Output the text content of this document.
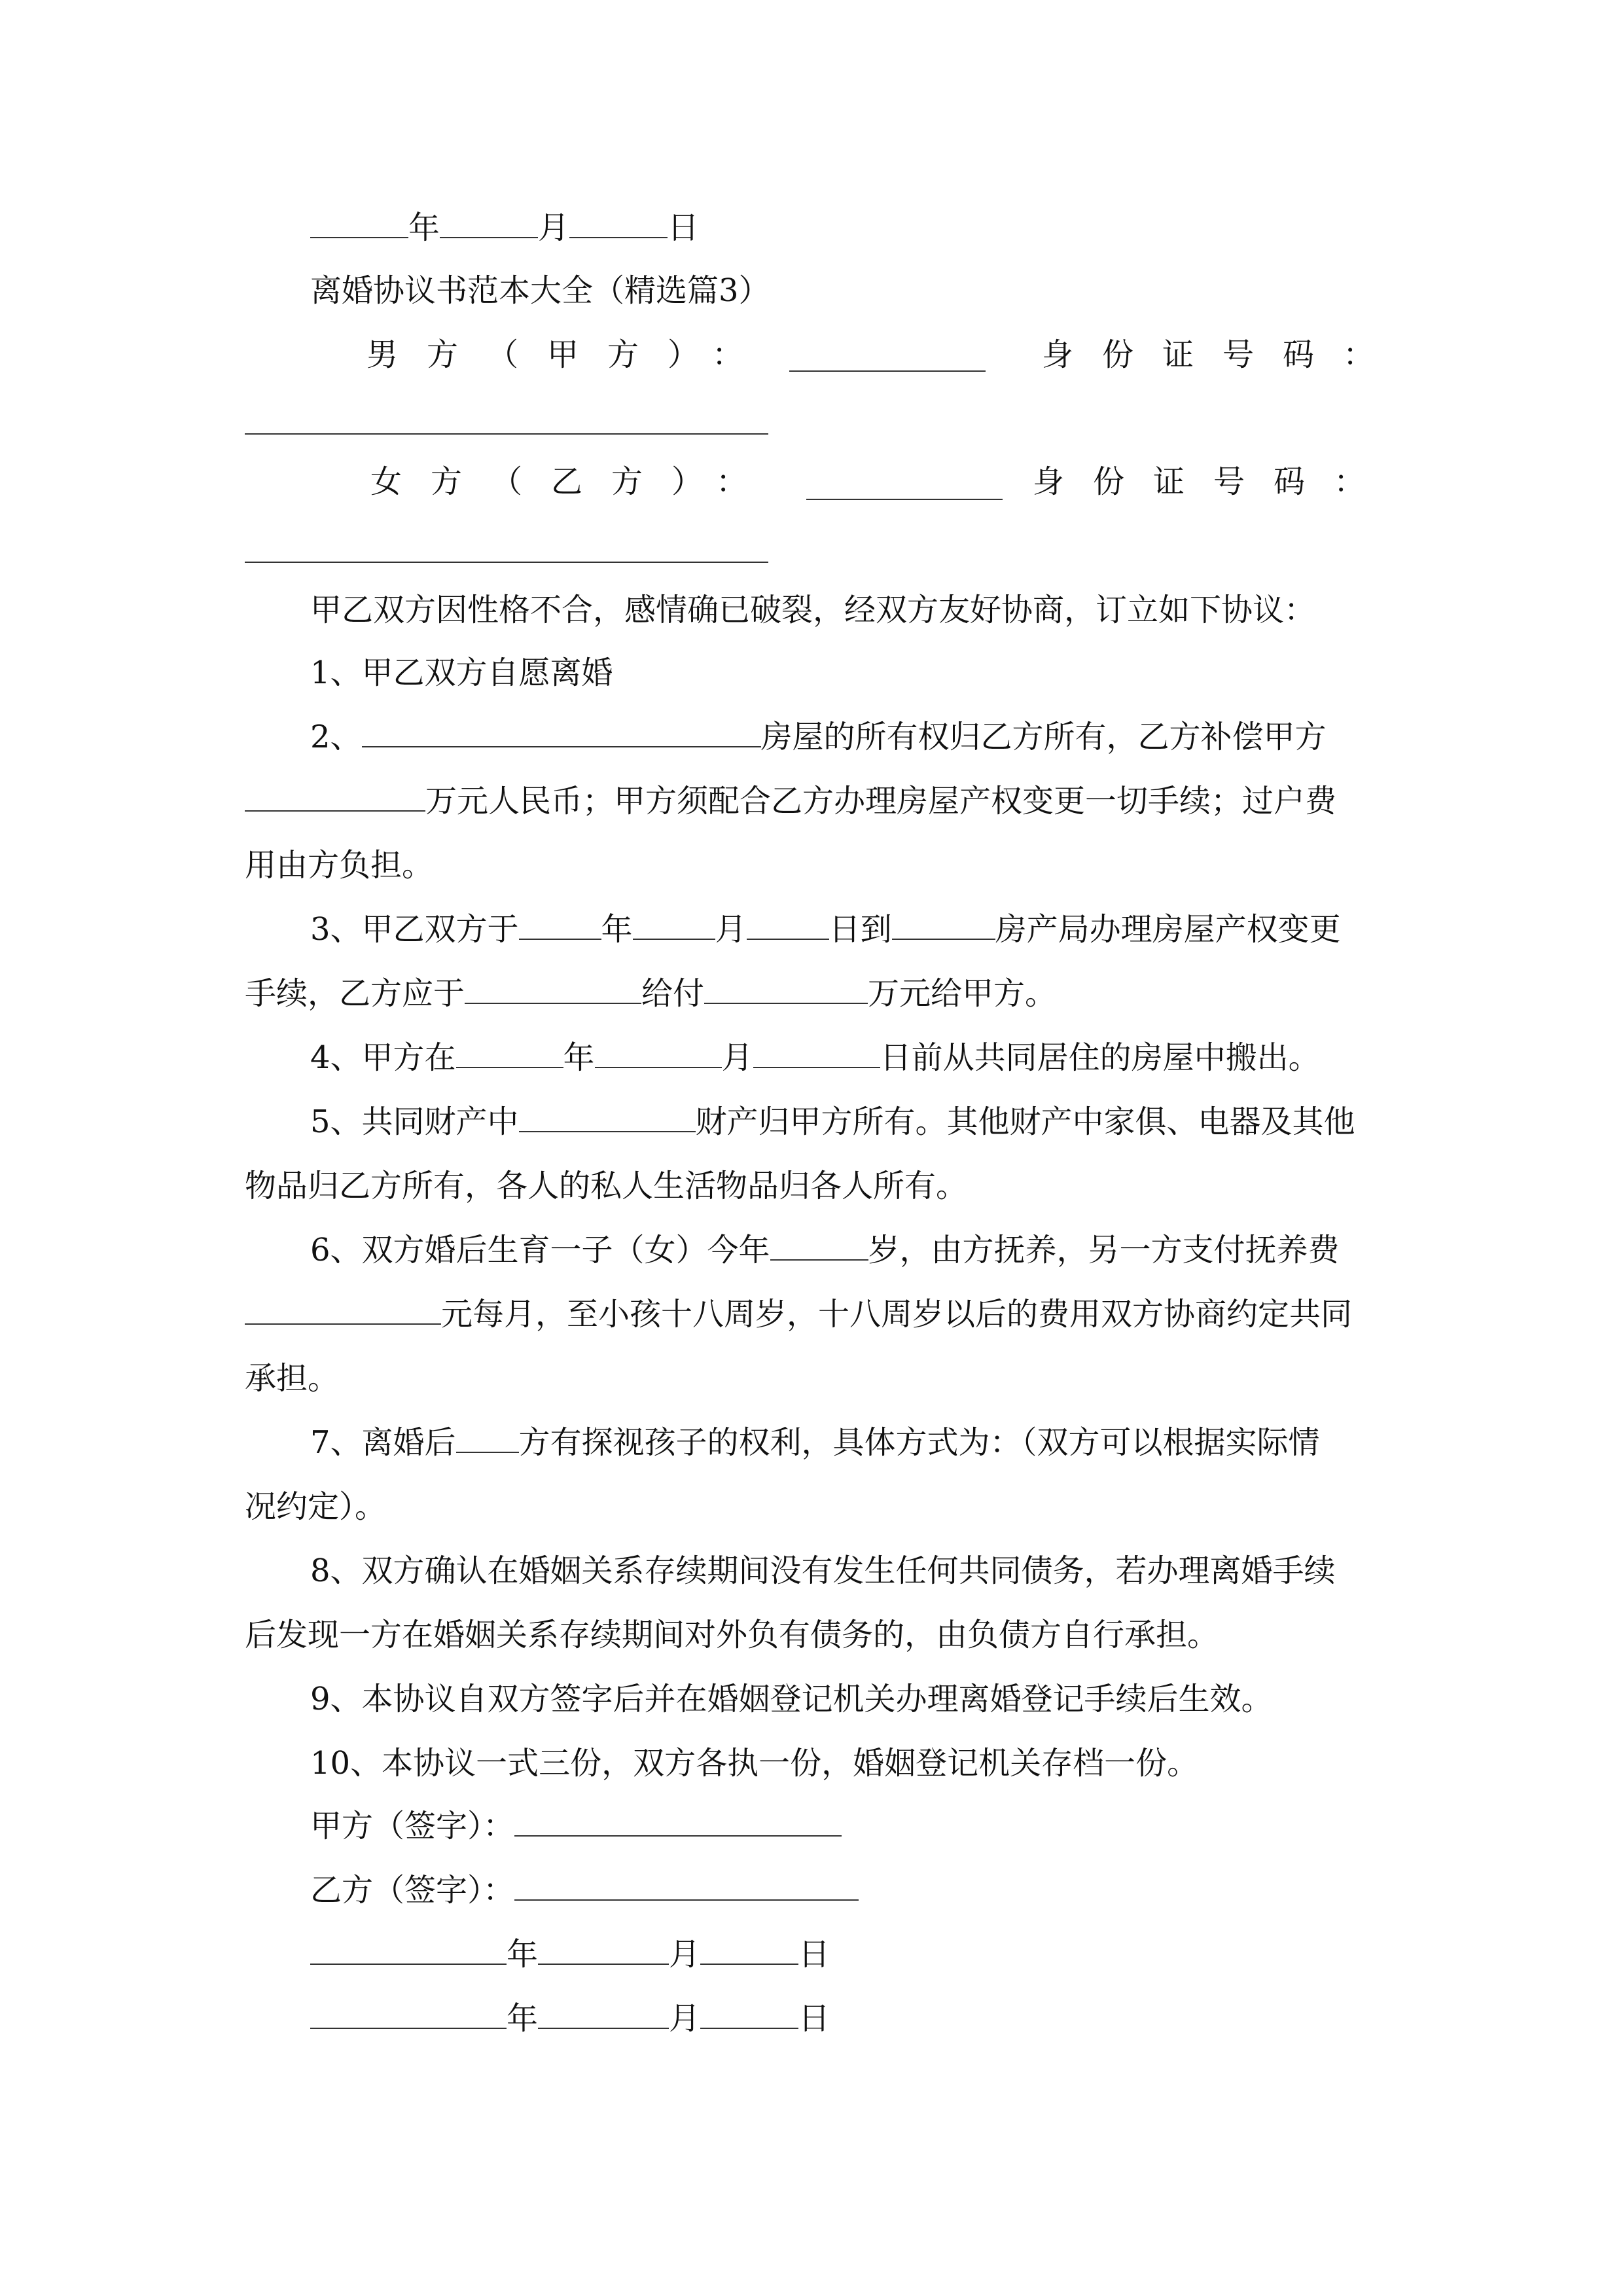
年	月	日
离婚协议书范本大全（精选篇3）
男方（甲方）：	身份证号码：
女方（乙方）：	身份证号码：
甲乙双方因性格不合，感情确已破裂，经双方友好协商，订立如下协议：
1、甲乙双方自愿离婚
2、	房屋的所有权归乙方所有，乙方补偿甲方
万元人民币；甲方须配合乙方办理房屋产权变更一切手续；过户费
用由方负担。
3、甲乙双方于	年	月	日到	房产局办理房屋产权变更
手续，乙方应于	给付	万元给甲方。
4、甲方在	年	月	日前从共同居住的房屋中搬出。
5、共同财产中	财产归甲方所有。其他财产中家俱、电器及其他
物品归乙方所有，各人的私人生活物品归各人所有。
6、双方婚后生育一子（女）今年	岁，由方抚养，另一方支付抚养费
元每月，至小孩十八周岁，十八周岁以后的费用双方协商约定共同
承担。
7、离婚后 方有探视孩子的权利，具体方式为：（双方可以根据实际情
况约定）。
8、双方确认在婚姻关系存续期间没有发生任何共同债务，若办理离婚手续
后发现一方在婚姻关系存续期间对外负有债务的，由负债方自行承担。
9、本协议自双方签字后并在婚姻登记机关办理离婚登记手续后生效。
10、本协议一式三份，双方各执一份，婚姻登记机关存档一份。
甲方（签字）：
乙方（签字）：
年	月	日
年	月	日
